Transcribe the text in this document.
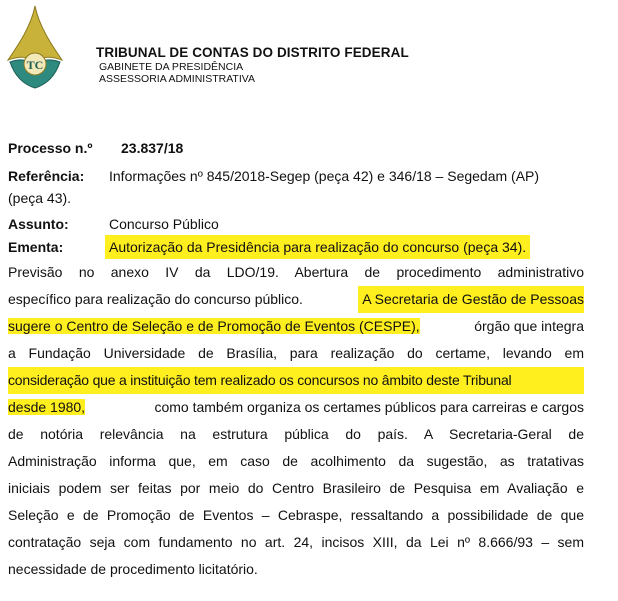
TC
TRIBUNAL DE CONTAS DO DISTRITO FEDERAL
GABINETE DA PRESIDÊNCIA
ASSESSORIA ADMINISTRATIVA
Processo n.º 23.837/18
Referência: Informações nº 845/2018-Segep (peça 42) e 346/18 – Segedam (AP)
(peça 43).
Assunto:	Concurso Público
Ementa:	Autorização da Presidência para realização do concurso (peça 34).
Previsão no anexo IV da LDO/19. Abertura de procedimento administrativo
específico para realização do concurso público.	A Secretaria de Gestão de Pessoas
sugere o Centro de Seleção e de Promoção de Eventos (CESPE),	órgão que integra
a Fundação Universidade de Brasília, para realização do certame, levando em
consideração que a instituição tem realizado os concursos no âmbito deste Tribunal
desde 1980,	como também organiza os certames públicos para carreiras e cargos
de notória relevância na estrutura pública do país. A Secretaria-Geral de
Administração informa que, em caso de acolhimento da sugestão, as tratativas
iniciais podem ser feitas por meio do Centro Brasileiro de Pesquisa em Avaliação e
Seleção e de Promoção de Eventos – Cebraspe, ressaltando a possibilidade de que
contratação seja com fundamento no art. 24, incisos XIII, da Lei nº 8.666/93 – sem
necessidade de procedimento licitatório.
